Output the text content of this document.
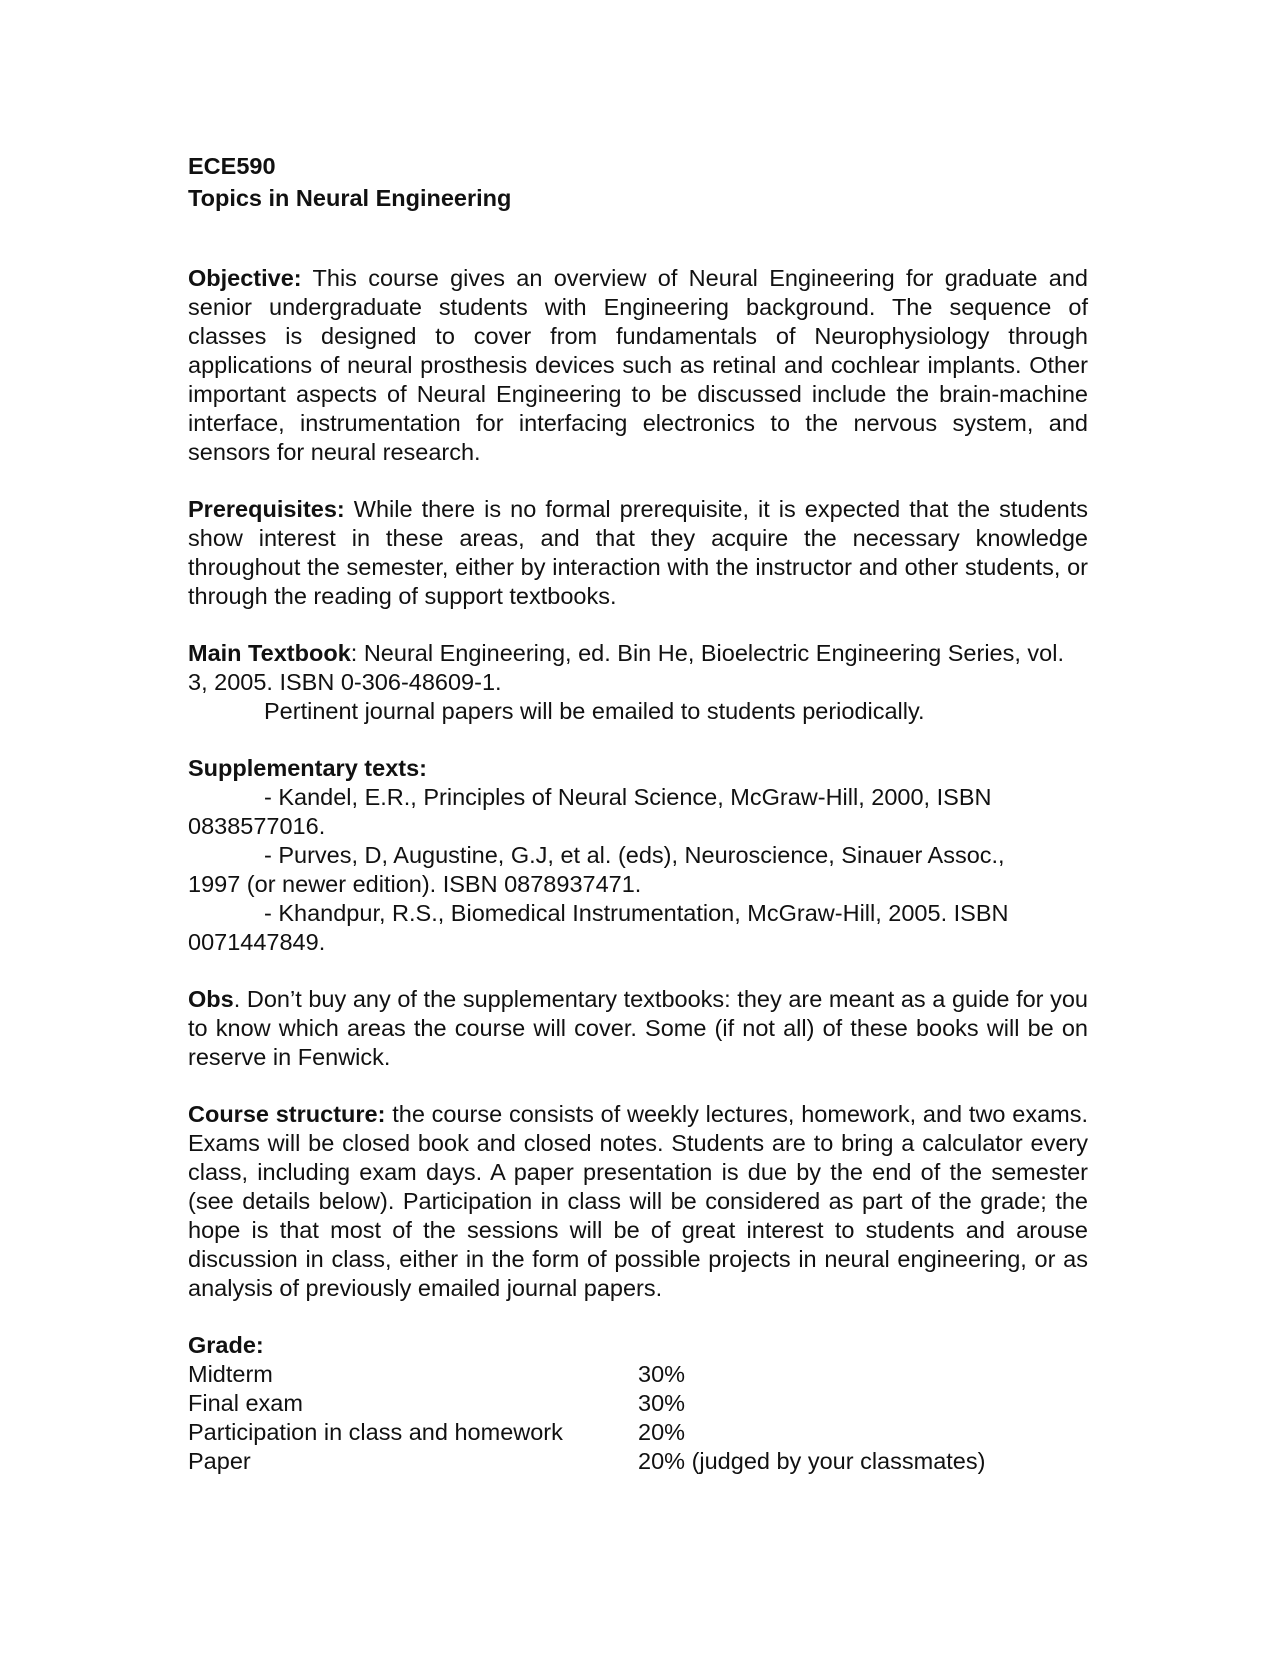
ECE590
Topics in Neural Engineering

Objective: This course gives an overview of Neural Engineering for graduate and senior undergraduate students with Engineering background. The sequence of classes is designed to cover from fundamentals of Neurophysiology through applications of neural prosthesis devices such as retinal and cochlear implants. Other important aspects of Neural Engineering to be discussed include the brain-machine interface, instrumentation for interfacing electronics to the nervous system, and sensors for neural research.

Prerequisites: While there is no formal prerequisite, it is expected that the students show interest in these areas, and that they acquire the necessary knowledge throughout the semester, either by interaction with the instructor and other students, or through the reading of support textbooks.

Main Textbook: Neural Engineering, ed. Bin He, Bioelectric Engineering Series, vol. 3, 2005. ISBN 0-306-48609-1.

Pertinent journal papers will be emailed to students periodically.

Supplementary texts:

- Kandel, E.R., Principles of Neural Science, McGraw-Hill, 2000, ISBN

0838577016.

- Purves, D, Augustine, G.J, et al. (eds), Neuroscience, Sinauer Assoc.,

1997 (or newer edition). ISBN 0878937471.

- Khandpur, R.S., Biomedical Instrumentation, McGraw-Hill, 2005. ISBN

0071447849.

Obs. Don’t buy any of the supplementary textbooks: they are meant as a guide for you to know which areas the course will cover. Some (if not all) of these books will be on reserve in Fenwick.

Course structure: the course consists of weekly lectures, homework, and two exams. Exams will be closed book and closed notes. Students are to bring a calculator every class, including exam days. A paper presentation is due by the end of the semester (see details below). Participation in class will be considered as part of the grade; the hope is that most of the sessions will be of great interest to students and arouse discussion in class, either in the form of possible projects in neural engineering, or as analysis of previously emailed journal papers.

Grade:

Midterm	30%
Final exam	30%
Participation in class and homework	20%
Paper	20% (judged by your classmates)
